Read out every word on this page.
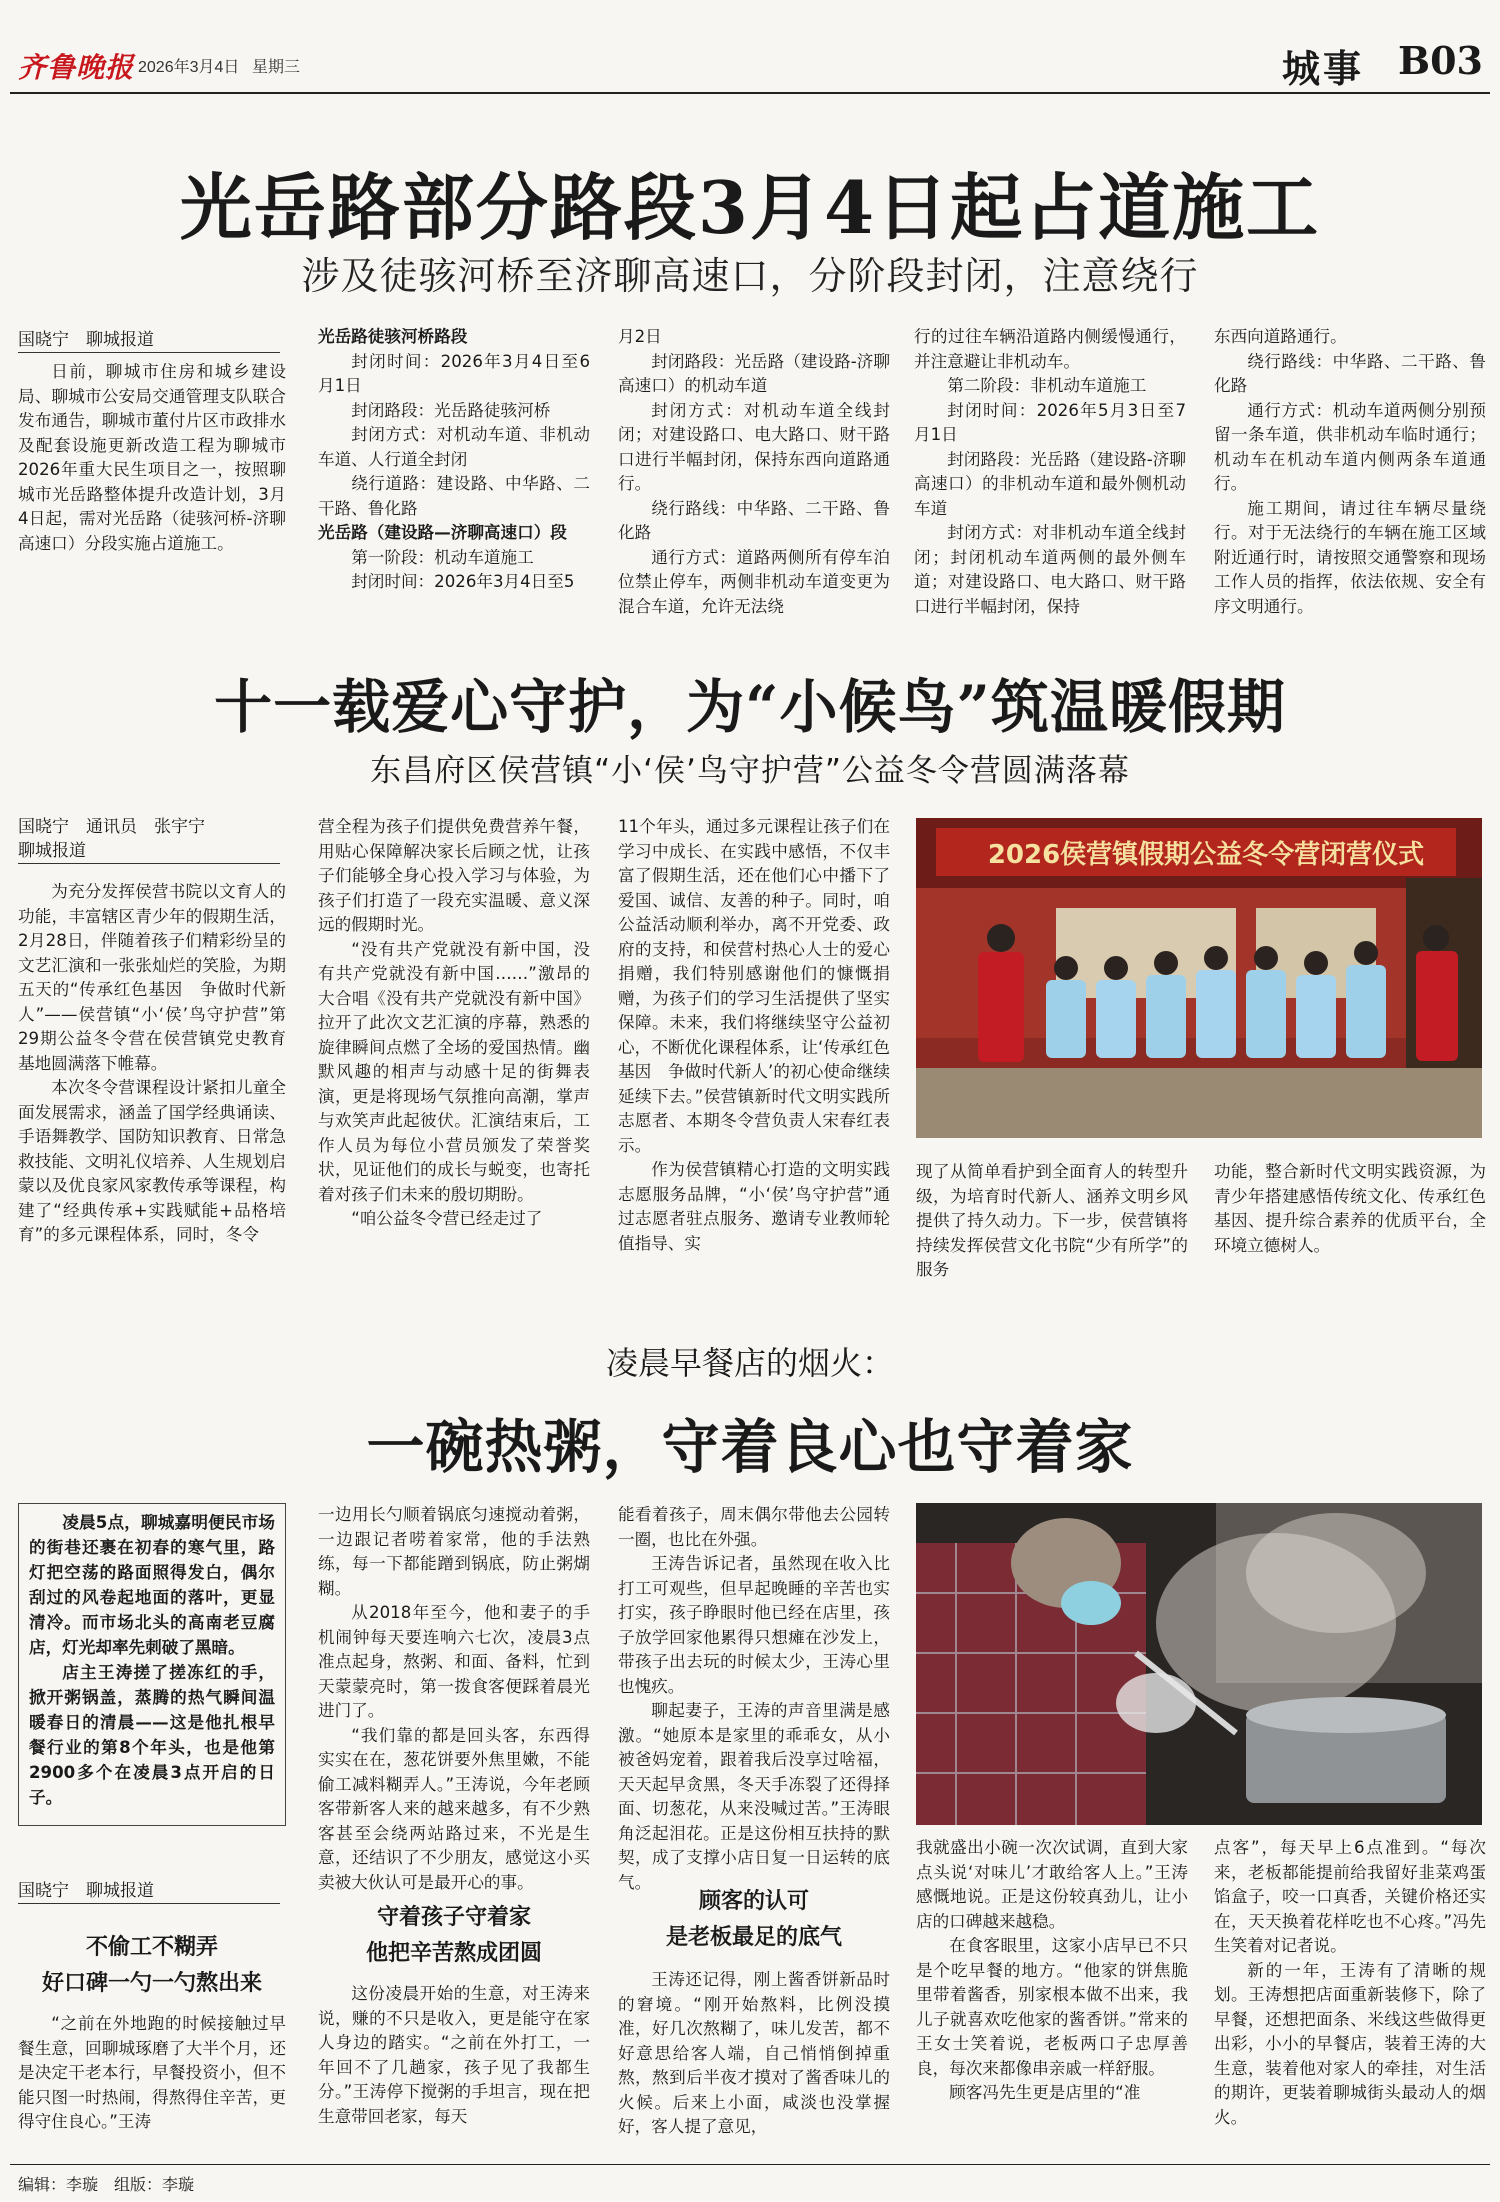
齐鲁晚报 2026年3月4日 星期三	城事 B03
光岳路部分路段3月4日起占道施工
涉及徒骇河桥至济聊高速口，分阶段封闭，注意绕行
国晓宁　聊城报道

日前，聊城市住房和城乡建设局、聊城市公安局交通管理支队联合发布通告，聊城市董付片区市政排水及配套设施更新改造工程为聊城市2026年重大民生项目之一，按照聊城市光岳路整体提升改造计划，3月4日起，需对光岳路（徒骇河桥-济聊高速口）分段实施占道施工。

光岳路徒骇河桥路段

封闭时间：2026年3月4日至6月1日

封闭路段：光岳路徒骇河桥

封闭方式：对机动车道、非机动车道、人行道全封闭

绕行道路：建设路、中华路、二干路、鲁化路

光岳路（建设路—济聊高速口）段

第一阶段：机动车道施工

封闭时间：2026年3月4日至5

月2日

封闭路段：光岳路（建设路-济聊高速口）的机动车道

封闭方式：对机动车道全线封闭；对建设路口、电大路口、财干路口进行半幅封闭，保持东西向道路通行。

绕行路线：中华路、二干路、鲁化路

通行方式：道路两侧所有停车泊位禁止停车，两侧非机动车道变更为混合车道，允许无法绕

行的过往车辆沿道路内侧缓慢通行，并注意避让非机动车。

第二阶段：非机动车道施工

封闭时间：2026年5月3日至7月1日

封闭路段：光岳路（建设路-济聊高速口）的非机动车道和最外侧机动车道

封闭方式：对非机动车道全线封闭；封闭机动车道两侧的最外侧车道；对建设路口、电大路口、财干路口进行半幅封闭，保持

东西向道路通行。

绕行路线：中华路、二干路、鲁化路

通行方式：机动车道两侧分别预留一条车道，供非机动车临时通行；机动车在机动车道内侧两条车道通行。

施工期间，请过往车辆尽量绕行。对于无法绕行的车辆在施工区域附近通行时，请按照交通警察和现场工作人员的指挥，依法依规、安全有序文明通行。

十一载爱心守护，为“小候鸟”筑温暖假期
东昌府区侯营镇“小‘侯’鸟守护营”公益冬令营圆满落幕
国晓宁　通讯员　张宇宁
聊城报道

为充分发挥侯营书院以文育人的功能，丰富辖区青少年的假期生活，2月28日，伴随着孩子们精彩纷呈的文艺汇演和一张张灿烂的笑脸，为期五天的“传承红色基因　争做时代新人”——侯营镇“小‘侯’鸟守护营”第29期公益冬令营在侯营镇党史教育基地圆满落下帷幕。

本次冬令营课程设计紧扣儿童全面发展需求，涵盖了国学经典诵读、手语舞教学、国防知识教育、日常急救技能、文明礼仪培养、人生规划启蒙以及优良家风家教传承等课程，构建了“经典传承+实践赋能+品格培育”的多元课程体系，同时，冬令

营全程为孩子们提供免费营养午餐，用贴心保障解决家长后顾之忧，让孩子们能够全身心投入学习与体验，为孩子们打造了一段充实温暖、意义深远的假期时光。

“没有共产党就没有新中国，没有共产党就没有新中国……”激昂的大合唱《没有共产党就没有新中国》拉开了此次文艺汇演的序幕，熟悉的旋律瞬间点燃了全场的爱国热情。幽默风趣的相声与动感十足的街舞表演，更是将现场气氛推向高潮，掌声与欢笑声此起彼伏。汇演结束后，工作人员为每位小营员颁发了荣誉奖状，见证他们的成长与蜕变，也寄托着对孩子们未来的殷切期盼。

“咱公益冬令营已经走过了

11个年头，通过多元课程让孩子们在学习中成长、在实践中感悟，不仅丰富了假期生活，还在他们心中播下了爱国、诚信、友善的种子。同时，咱公益活动顺利举办，离不开党委、政府的支持，和侯营村热心人士的爱心捐赠，我们特别感谢他们的慷慨捐赠，为孩子们的学习生活提供了坚实保障。未来，我们将继续坚守公益初心，不断优化课程体系，让‘传承红色基因　争做时代新人’的初心使命继续延续下去。”侯营镇新时代文明实践所志愿者、本期冬令营负责人宋春红表示。

作为侯营镇精心打造的文明实践志愿服务品牌，“小‘侯’鸟守护营”通过志愿者驻点服务、邀请专业教师轮值指导、实

2026侯营镇假期公益冬令营闭营仪式

现了从简单看护到全面育人的转型升级，为培育时代新人、涵养文明乡风提供了持久动力。下一步，侯营镇将持续发挥侯营文化书院“少有所学”的服务

功能，整合新时代文明实践资源，为青少年搭建感悟传统文化、传承红色基因、提升综合素养的优质平台，全环境立德树人。

凌晨早餐店的烟火：
一碗热粥，守着良心也守着家

凌晨5点，聊城嘉明便民市场的街巷还裹在初春的寒气里，路灯把空荡的路面照得发白，偶尔刮过的风卷起地面的落叶，更显清冷。而市场北头的高南老豆腐店，灯光却率先刺破了黑暗。

店主王涛搓了搓冻红的手，掀开粥锅盖，蒸腾的热气瞬间温暖春日的清晨——这是他扎根早餐行业的第8个年头，也是他第2900多个在凌晨3点开启的日子。

国晓宁　聊城报道
不偷工不糊弄
好口碑一勺一勺熬出来

“之前在外地跑的时候接触过早餐生意，回聊城琢磨了大半个月，还是决定干老本行，早餐投资小，但不能只图一时热闹，得熬得住辛苦，更得守住良心。”王涛

一边用长勺顺着锅底匀速搅动着粥，一边跟记者唠着家常，他的手法熟练，每一下都能蹭到锅底，防止粥煳糊。

从2018年至今，他和妻子的手机闹钟每天要连响六七次，凌晨3点准点起身，熬粥、和面、备料，忙到天蒙蒙亮时，第一拨食客便踩着晨光进门了。

“我们靠的都是回头客，东西得实实在在，葱花饼要外焦里嫩，不能偷工减料糊弄人。”王涛说，今年老顾客带新客人来的越来越多，有不少熟客甚至会绕两站路过来，不光是生意，还结识了不少朋友，感觉这小买卖被大伙认可是最开心的事。

守着孩子守着家
他把辛苦熬成团圆

这份凌晨开始的生意，对王涛来说，赚的不只是收入，更是能守在家人身边的踏实。“之前在外打工，一年回不了几趟家，孩子见了我都生分。”王涛停下搅粥的手坦言，现在把生意带回老家，每天

能看着孩子，周末偶尔带他去公园转一圈，也比在外强。

王涛告诉记者，虽然现在收入比打工可观些，但早起晚睡的辛苦也实打实，孩子睁眼时他已经在店里，孩子放学回家他累得只想瘫在沙发上，带孩子出去玩的时候太少，王涛心里也愧疚。

聊起妻子，王涛的声音里满是感激。“她原本是家里的乖乖女，从小被爸妈宠着，跟着我后没享过啥福，天天起早贪黑，冬天手冻裂了还得择面、切葱花，从来没喊过苦。”王涛眼角泛起泪花。正是这份相互扶持的默契，成了支撑小店日复一日运转的底气。

顾客的认可
是老板最足的底气

王涛还记得，刚上酱香饼新品时的窘境。“刚开始熬料，比例没摸准，好几次熬糊了，味儿发苦，都不好意思给客人端，自己悄悄倒掉重熬，熬到后半夜才摸对了酱香味儿的火候。后来上小面，咸淡也没掌握好，客人提了意见，

我就盛出小碗一次次试调，直到大家点头说‘对味儿’才敢给客人上。”王涛感慨地说。正是这份较真劲儿，让小店的口碑越来越稳。

在食客眼里，这家小店早已不只是个吃早餐的地方。“他家的饼焦脆里带着酱香，别家根本做不出来，我儿子就喜欢吃他家的酱香饼。”常来的王女士笑着说，老板两口子忠厚善良，每次来都像串亲戚一样舒服。

顾客冯先生更是店里的“准

点客”，每天早上6点准到。“每次来，老板都能提前给我留好韭菜鸡蛋馅盒子，咬一口真香，关键价格还实在，天天换着花样吃也不心疼。”冯先生笑着对记者说。

新的一年，王涛有了清晰的规划。王涛想把店面重新装修下，除了早餐，还想把面条、米线这些做得更出彩，小小的早餐店，装着王涛的大生意，装着他对家人的牵挂，对生活的期许，更装着聊城街头最动人的烟火。

编辑：李璇　组版：李璇
